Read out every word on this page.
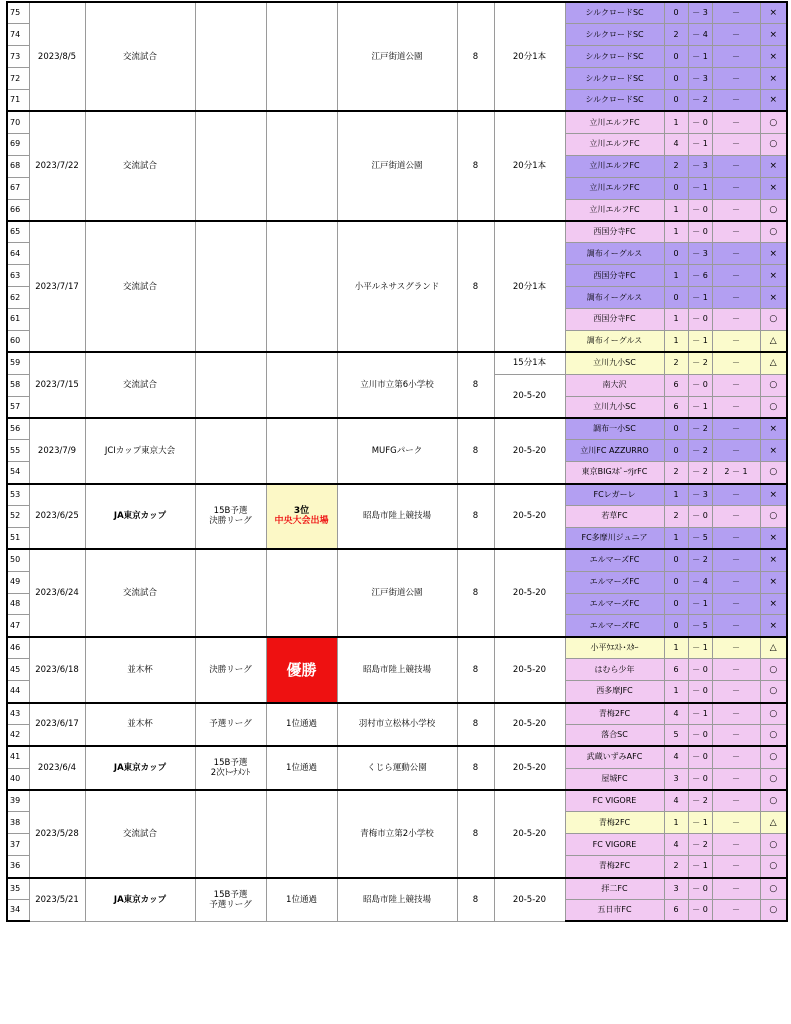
75	2023/8/5	交流試合			江戸街道公園	8	20分1本	シルクロードSC	0	－ 3	－	×
74								シルクロードSC	2	－ 4	－	×
73								シルクロードSC	0	－ 1	－	×
72								シルクロードSC	0	－ 3	－	×
71								シルクロードSC	0	－ 2	－	×
70	2023/7/22	交流試合			江戸街道公園	8	20分1本	立川エルフFC	1	－ 0	－	○
69								立川エルフFC	4	－ 1	－	○
68								立川エルフFC	2	－ 3	－	×
67								立川エルフFC	0	－ 1	－	×
66								立川エルフFC	1	－ 0	－	○
65	2023/7/17	交流試合			小平ルネサスグランド	8	20分1本	西国分寺FC	1	－ 0	－	○
64								調布イーグルス	0	－ 3	－	×
63								西国分寺FC	1	－ 6	－	×
62								調布イーグルス	0	－ 1	－	×
61								西国分寺FC	1	－ 0	－	○
60								調布イーグルス	1	－ 1	－	△
59	2023/7/15	交流試合			立川市立第6小学校	8	15分1本	立川九小SC	2	－ 2	－	△
58							20-5-20	南大沢	6	－ 0	－	○
57								立川九小SC	6	－ 1	－	○
56	2023/7/9	JCIカップ東京大会			MUFGパーク	8	20-5-20	調布一小SC	0	－ 2	－	×
55								立川FC AZZURRO	0	－ 2	－	×
54								東京BIGｽﾎﾟｰﾂjrFC	2	－ 2	2 － 1	○
53	2023/6/25	JA東京カップ	15B予選
決勝リーグ	3位
中央大会出場	昭島市陸上競技場	8	20-5-20	FCレガーレ	1	－ 3	－	×
52								若草FC	2	－ 0	－	○
51								FC多摩川ジュニア	1	－ 5	－	×
50	2023/6/24	交流試合			江戸街道公園	8	20-5-20	エルマーズFC	0	－ 2	－	×
49								エルマーズFC	0	－ 4	－	×
48								エルマーズFC	0	－ 1	－	×
47								エルマーズFC	0	－ 5	－	×
46	2023/6/18	並木杯	決勝リーグ	優勝	昭島市陸上競技場	8	20-5-20	小平ｳｴｽﾄ･ｽﾀｰ	1	－ 1	－	△
45								はむら少年	6	－ 0	－	○
44								西多摩JFC	1	－ 0	－	○
43	2023/6/17	並木杯	予選リーグ	1位通過	羽村市立松林小学校	8	20-5-20	青梅2FC	4	－ 1	－	○
42								落合SC	5	－ 0	－	○
41	2023/6/4	JA東京カップ	15B予選
2次ﾄｰﾅﾒﾝﾄ	1位通過	くじら運動公園	8	20-5-20	武蔵いずみAFC	4	－ 0	－	○
40								屋城FC	3	－ 0	－	○
39	2023/5/28	交流試合			青梅市立第2小学校	8	20-5-20	FC VIGORE	4	－ 2	－	○
38								青梅2FC	1	－ 1	－	△
37								FC VIGORE	4	－ 2	－	○
36								青梅2FC	2	－ 1	－	○
35	2023/5/21	JA東京カップ	15B予選
予選リーグ	1位通過	昭島市陸上競技場	8	20-5-20	拝二FC	3	－ 0	－	○
34								五日市FC	6	－ 0	－	○
